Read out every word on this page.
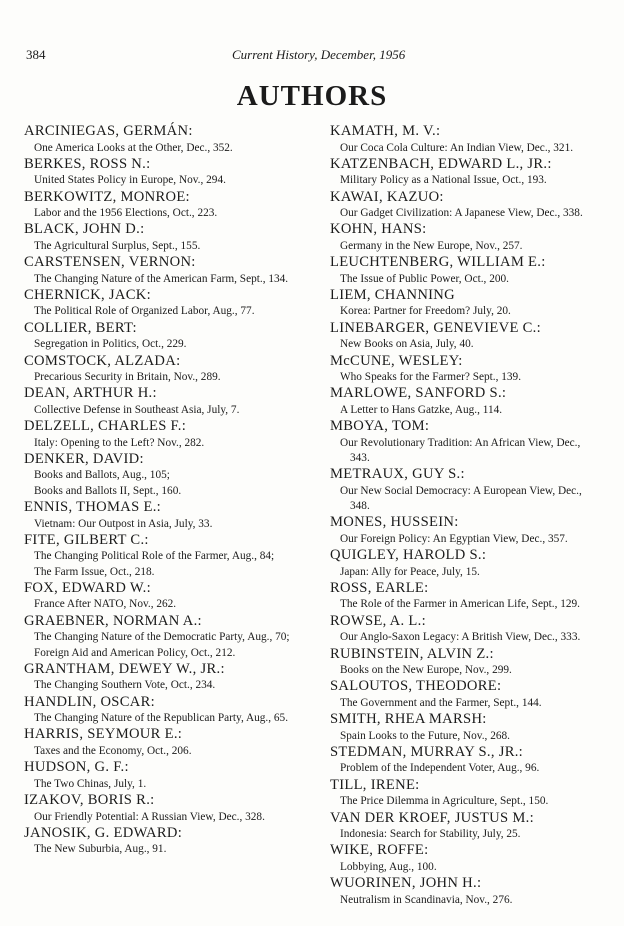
384	Current History, December, 1956
AUTHORS
ARCINIEGAS, GERMÁN:
One America Looks at the Other, Dec., 352.
BERKES, ROSS N.:
United States Policy in Europe, Nov., 294.
BERKOWITZ, MONROE:
Labor and the 1956 Elections, Oct., 223.
BLACK, JOHN D.:
The Agricultural Surplus, Sept., 155.
CARSTENSEN, VERNON:
The Changing Nature of the American Farm, Sept., 134.
CHERNICK, JACK:
The Political Role of Organized Labor, Aug., 77.
COLLIER, BERT:
Segregation in Politics, Oct., 229.
COMSTOCK, ALZADA:
Precarious Security in Britain, Nov., 289.
DEAN, ARTHUR H.:
Collective Defense in Southeast Asia, July, 7.
DELZELL, CHARLES F.:
Italy: Opening to the Left? Nov., 282.
DENKER, DAVID:
Books and Ballots, Aug., 105;
Books and Ballots II, Sept., 160.
ENNIS, THOMAS E.:
Vietnam: Our Outpost in Asia, July, 33.
FITE, GILBERT C.:
The Changing Political Role of the Farmer, Aug., 84;
The Farm Issue, Oct., 218.
FOX, EDWARD W.:
France After NATO, Nov., 262.
GRAEBNER, NORMAN A.:
The Changing Nature of the Democratic Party, Aug., 70;
Foreign Aid and American Policy, Oct., 212.
GRANTHAM, DEWEY W., JR.:
The Changing Southern Vote, Oct., 234.
HANDLIN, OSCAR:
The Changing Nature of the Republican Party, Aug., 65.
HARRIS, SEYMOUR E.:
Taxes and the Economy, Oct., 206.
HUDSON, G. F.:
The Two Chinas, July, 1.
IZAKOV, BORIS R.:
Our Friendly Potential: A Russian View, Dec., 328.
JANOSIK, G. EDWARD:
The New Suburbia, Aug., 91.
KAMATH, M. V.:
Our Coca Cola Culture: An Indian View, Dec., 321.
KATZENBACH, EDWARD L., JR.:
Military Policy as a National Issue, Oct., 193.
KAWAI, KAZUO:
Our Gadget Civilization: A Japanese View, Dec., 338.
KOHN, HANS:
Germany in the New Europe, Nov., 257.
LEUCHTENBERG, WILLIAM E.:
The Issue of Public Power, Oct., 200.
LIEM, CHANNING
Korea: Partner for Freedom? July, 20.
LINEBARGER, GENEVIEVE C.:
New Books on Asia, July, 40.
McCUNE, WESLEY:
Who Speaks for the Farmer? Sept., 139.
MARLOWE, SANFORD S.:
A Letter to Hans Gatzke, Aug., 114.
MBOYA, TOM:
Our Revolutionary Tradition: An African View, Dec., 343.
METRAUX, GUY S.:
Our New Social Democracy: A European View, Dec., 348.
MONES, HUSSEIN:
Our Foreign Policy: An Egyptian View, Dec., 357.
QUIGLEY, HAROLD S.:
Japan: Ally for Peace, July, 15.
ROSS, EARLE:
The Role of the Farmer in American Life, Sept., 129.
ROWSE, A. L.:
Our Anglo-Saxon Legacy: A British View, Dec., 333.
RUBINSTEIN, ALVIN Z.:
Books on the New Europe, Nov., 299.
SALOUTOS, THEODORE:
The Government and the Farmer, Sept., 144.
SMITH, RHEA MARSH:
Spain Looks to the Future, Nov., 268.
STEDMAN, MURRAY S., JR.:
Problem of the Independent Voter, Aug., 96.
TILL, IRENE:
The Price Dilemma in Agriculture, Sept., 150.
VAN DER KROEF, JUSTUS M.:
Indonesia: Search for Stability, July, 25.
WIKE, ROFFE:
Lobbying, Aug., 100.
WUORINEN, JOHN H.:
Neutralism in Scandinavia, Nov., 276.
